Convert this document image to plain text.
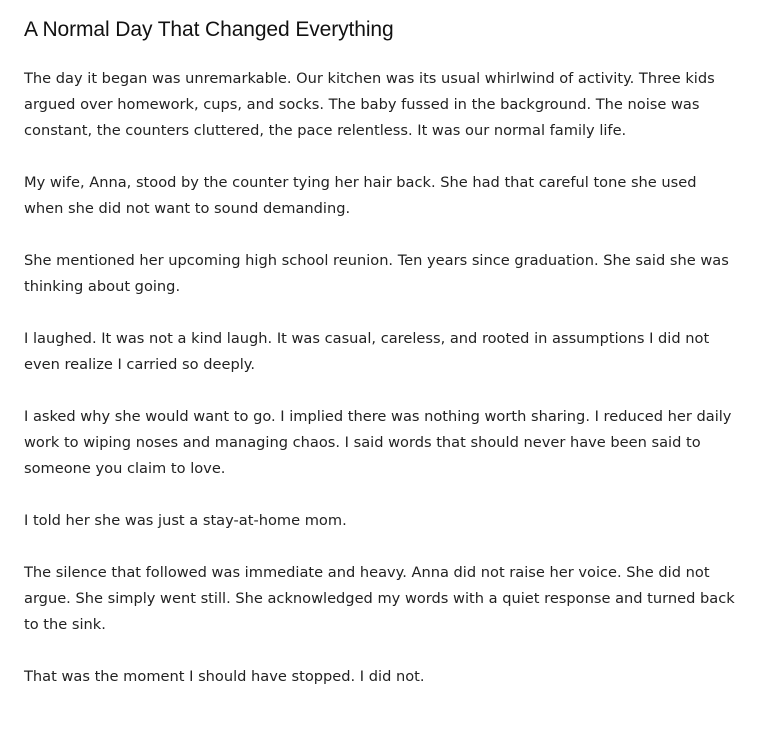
A Normal Day That Changed Everything

The day it began was unremarkable. Our kitchen was its usual whirlwind of activity. Three kids argued over homework, cups, and socks. The baby fussed in the background. The noise was constant, the counters cluttered, the pace relentless. It was our normal family life.

My wife, Anna, stood by the counter tying her hair back. She had that careful tone she used when she did not want to sound demanding.

She mentioned her upcoming high school reunion. Ten years since graduation. She said she was thinking about going.

I laughed. It was not a kind laugh. It was casual, careless, and rooted in assumptions I did not even realize I carried so deeply.

I asked why she would want to go. I implied there was nothing worth sharing. I reduced her daily work to wiping noses and managing chaos. I said words that should never have been said to someone you claim to love.

I told her she was just a stay-at-home mom.

The silence that followed was immediate and heavy. Anna did not raise her voice. She did not argue. She simply went still. She acknowledged my words with a quiet response and turned back to the sink.

That was the moment I should have stopped. I did not.
